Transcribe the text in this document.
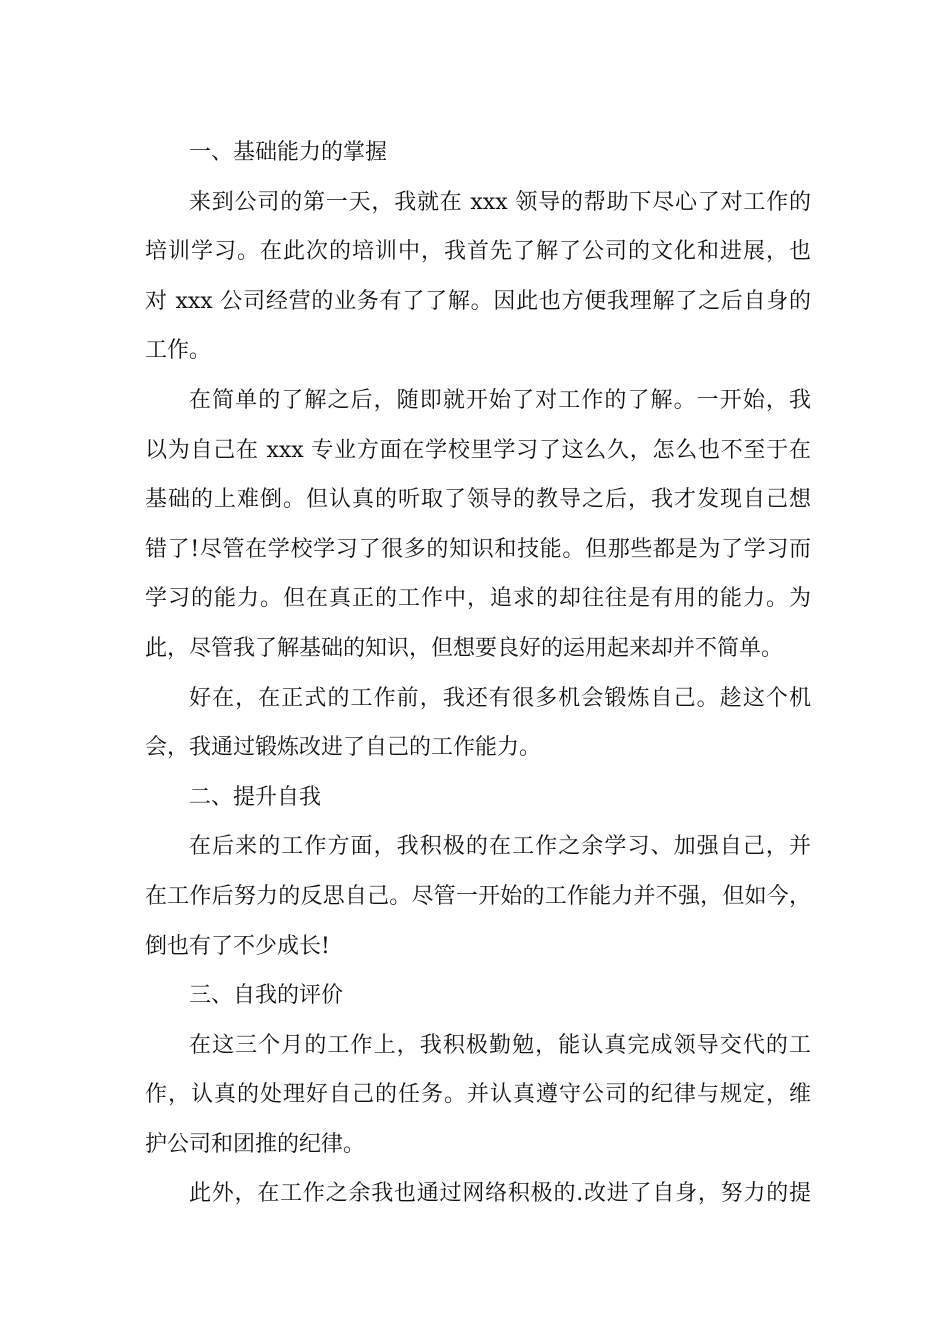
一、基础能力的掌握
来到公司的第一天，我就在 xxx 领导的帮助下尽心了对工作的
培训学习。在此次的培训中，我首先了解了公司的文化和进展，也
对 xxx 公司经营的业务有了了解。因此也方便我理解了之后自身的
工作。
在简单的了解之后，随即就开始了对工作的了解。一开始，我
以为自己在 xxx 专业方面在学校里学习了这么久，怎么也不至于在
基础的上难倒。但认真的听取了领导的教导之后，我才发现自己想
错了!尽管在学校学习了很多的知识和技能。但那些都是为了学习而
学习的能力。但在真正的工作中，追求的却往往是有用的能力。为
此，尽管我了解基础的知识，但想要良好的运用起来却并不简单。
好在，在正式的工作前，我还有很多机会锻炼自己。趁这个机
会，我通过锻炼改进了自己的工作能力。
二、提升自我
在后来的工作方面，我积极的在工作之余学习、加强自己，并
在工作后努力的反思自己。尽管一开始的工作能力并不强，但如今，
倒也有了不少成长!
三、自我的评价
在这三个月的工作上，我积极勤勉，能认真完成领导交代的工
作，认真的处理好自己的任务。并认真遵守公司的纪律与规定，维
护公司和团推的纪律。
此外，在工作之余我也通过网络积极的.改进了自身，努力的提
